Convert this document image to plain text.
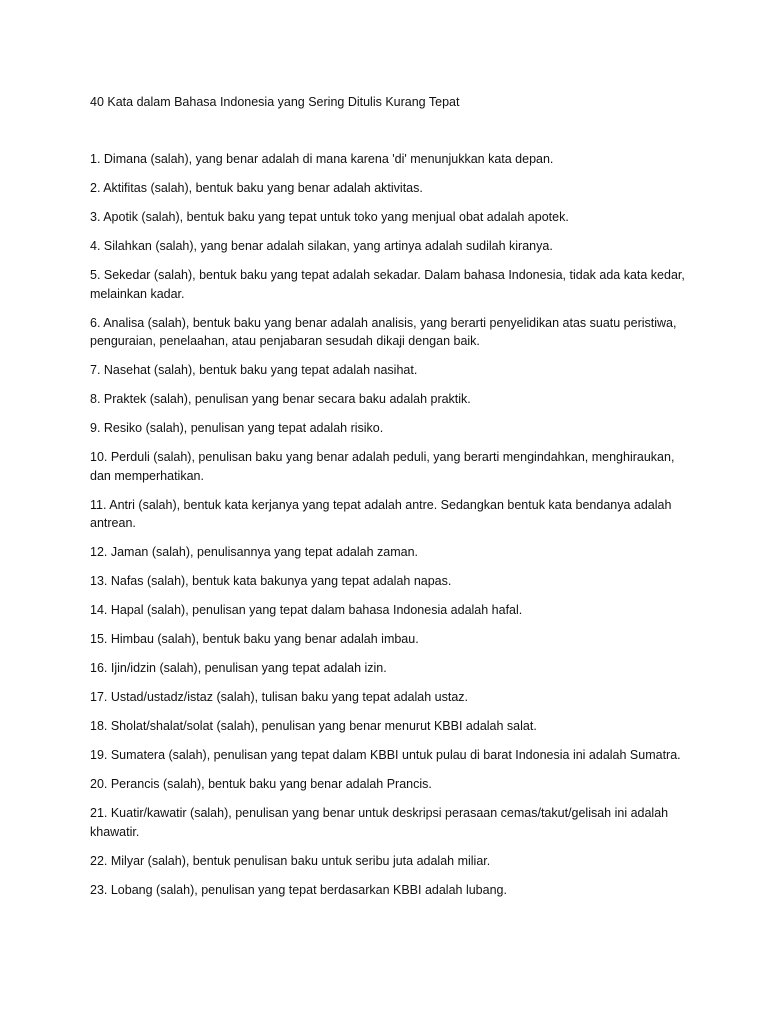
40 Kata dalam Bahasa Indonesia yang Sering Ditulis Kurang Tepat
1. Dimana (salah), yang benar adalah di mana karena 'di' menunjukkan kata depan.
2. Aktifitas (salah), bentuk baku yang benar adalah aktivitas.
3. Apotik (salah), bentuk baku yang tepat untuk toko yang menjual obat adalah apotek.
4. Silahkan (salah), yang benar adalah silakan, yang artinya adalah sudilah kiranya.
5. Sekedar (salah), bentuk baku yang tepat adalah sekadar. Dalam bahasa Indonesia, tidak ada kata kedar, melainkan kadar.
6. Analisa (salah), bentuk baku yang benar adalah analisis, yang berarti penyelidikan atas suatu peristiwa, penguraian, penelaahan, atau penjabaran sesudah dikaji dengan baik.
7. Nasehat (salah), bentuk baku yang tepat adalah nasihat.
8. Praktek (salah), penulisan yang benar secara baku adalah praktik.
9. Resiko (salah), penulisan yang tepat adalah risiko.
10. Perduli (salah), penulisan baku yang benar adalah peduli, yang berarti mengindahkan, menghiraukan, dan memperhatikan.
11. Antri (salah), bentuk kata kerjanya yang tepat adalah antre. Sedangkan bentuk kata bendanya adalah antrean.
12. Jaman (salah), penulisannya yang tepat adalah zaman.
13. Nafas (salah), bentuk kata bakunya yang tepat adalah napas.
14. Hapal (salah), penulisan yang tepat dalam bahasa Indonesia adalah hafal.
15. Himbau (salah), bentuk baku yang benar adalah imbau.
16. Ijin/idzin (salah), penulisan yang tepat adalah izin.
17. Ustad/ustadz/istaz (salah), tulisan baku yang tepat adalah ustaz.
18. Sholat/shalat/solat (salah), penulisan yang benar menurut KBBI adalah salat.
19. Sumatera (salah), penulisan yang tepat dalam KBBI untuk pulau di barat Indonesia ini adalah Sumatra.
20. Perancis (salah), bentuk baku yang benar adalah Prancis.
21. Kuatir/kawatir (salah), penulisan yang benar untuk deskripsi perasaan cemas/takut/gelisah ini adalah khawatir.
22. Milyar (salah), bentuk penulisan baku untuk seribu juta adalah miliar.
23. Lobang (salah), penulisan yang tepat berdasarkan KBBI adalah lubang.
